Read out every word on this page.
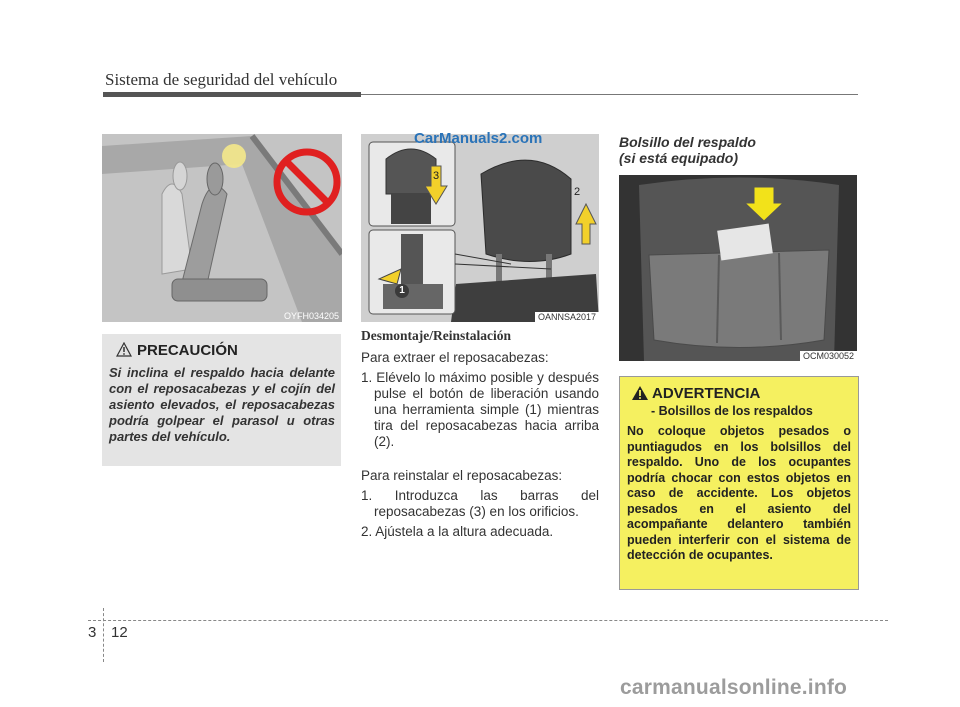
Sistema de seguridad del vehículo
OYFH034205
PRECAUCIÓN
Si inclina el respaldo hacia delante con el reposacabezas y el cojín del asiento elevados, el reposacabezas podría golpear el parasol u otras partes del vehículo.
1
2
3
OANNSA2017
CarManuals2.com
Desmontaje/Reinstalación
Para extraer el reposacabezas:
1. Elévelo lo máximo posible y después pulse el botón de liberación usando una herramienta simple (1) mientras tira del reposacabezas hacia arriba (2).
Para reinstalar el reposacabezas:
1. Introduzca las barras del reposacabezas (3) en los orificios.
2. Ajústela a la altura adecuada.
Bolsillo del respaldo
(si está equipado)
OCM030052
ADVERTENCIA
- Bolsillos de los respaldos
No coloque objetos pesados o puntiagudos en los bolsillos del respaldo. Uno de los ocupantes podría chocar con estos objetos en caso de accidente. Los objetos pesados en el asiento del acompañante delantero también pueden interferir con el sistema de detección de ocupantes.
3 12
carmanualsonline.info
